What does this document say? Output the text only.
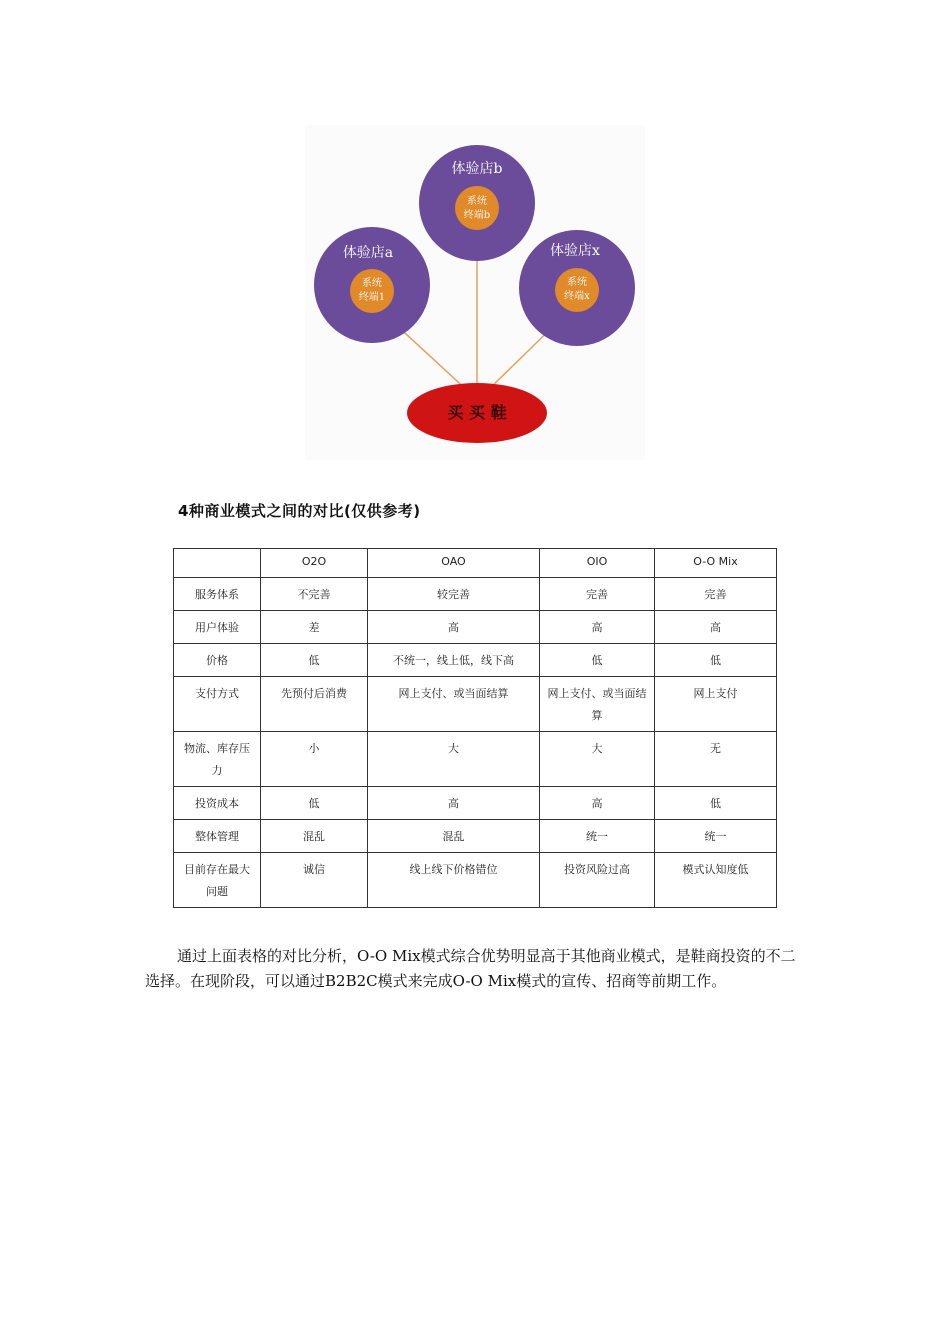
体验店b
系统
终端b
体验店a
系统
终端1
体验店x
系统
终端x
买 买 鞋
4种商业模式之间的对比(仅供参考)
	O2O	OAO	OIO	O-O Mix
服务体系	不完善	较完善	完善	完善
用户体验	差	高	高	高
价格	低	不统一，线上低，线下高	低	低
支付方式	先预付后消费	网上支付、或当面结算	网上支付、或当面结算	网上支付
物流、库存压力	小	大	大	无
投资成本	低	高	高	低
整体管理	混乱	混乱	统一	统一
目前存在最大问题	诚信	线上线下价格错位	投资风险过高	模式认知度低

通过上面表格的对比分析，O-O Mix模式综合优势明显高于其他商业模式，是鞋商投资的不二选择。在现阶段，可以通过B2B2C模式来完成O-O Mix模式的宣传、招商等前期工作。
